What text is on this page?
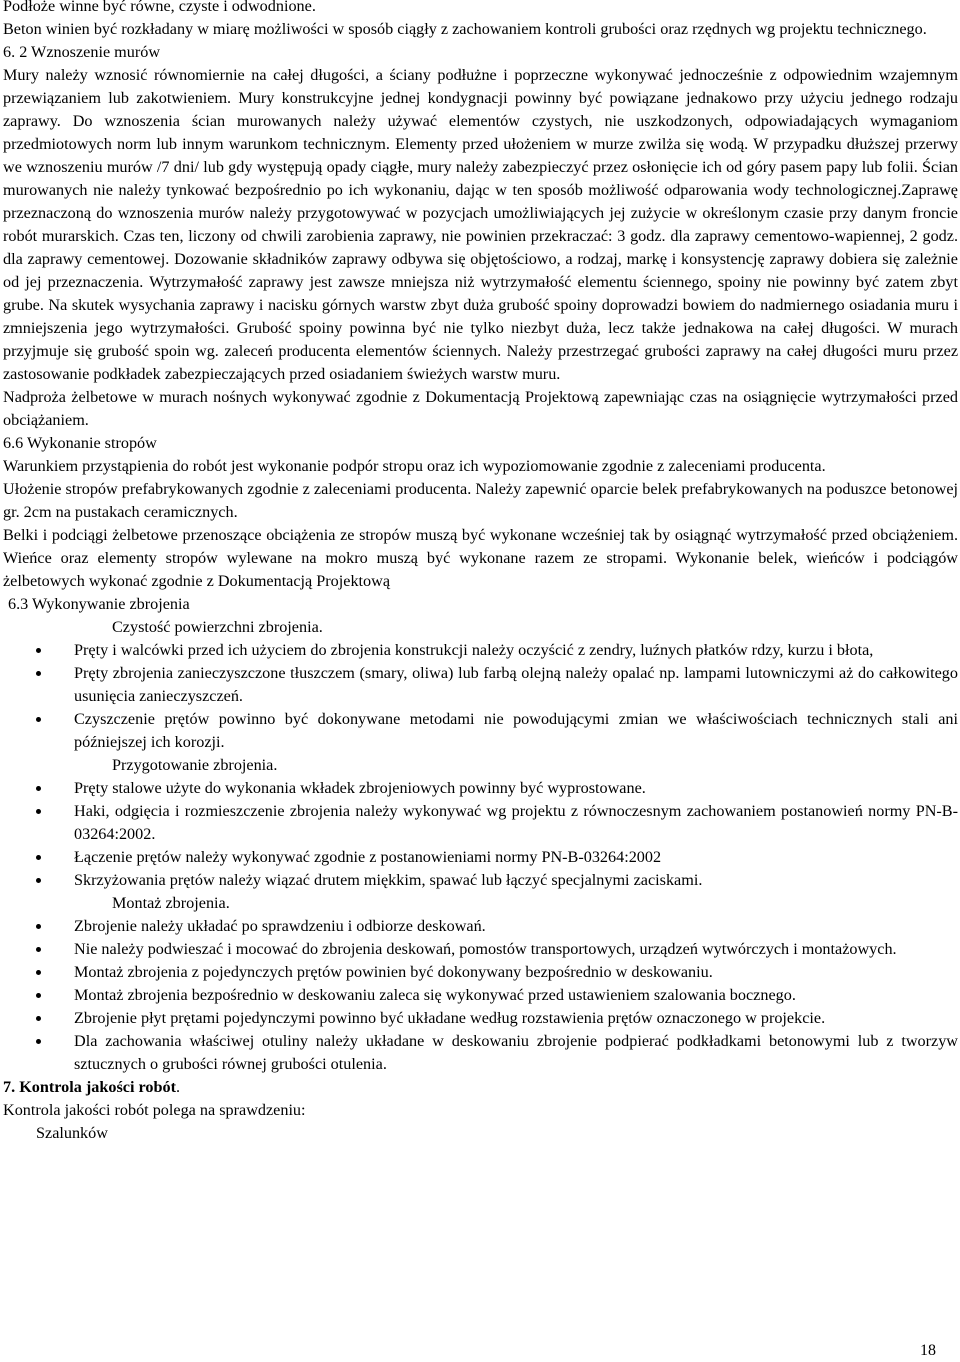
Podłoże winne być równe, czyste i odwodnione.

Beton winien być rozkładany w miarę możliwości w sposób ciągły z zachowaniem kontroli grubości oraz rzędnych wg projektu technicznego.

6. 2 Wznoszenie murów

Mury należy wznosić równomiernie na całej długości, a ściany podłużne i poprzeczne wykonywać jednocześnie z odpowiednim wzajemnym przewiązaniem lub zakotwieniem. Mury konstrukcyjne jednej kondygnacji powinny być powiązane jednakowo przy użyciu jednego rodzaju zaprawy. Do wznoszenia ścian murowanych należy używać elementów czystych, nie uszkodzonych, odpowiadających wymaganiom przedmiotowych norm lub innym warunkom technicznym. Elementy przed ułożeniem w murze zwilża się wodą. W przypadku dłuższej przerwy we wznoszeniu murów /7 dni/ lub gdy występują opady ciągłe, mury należy zabezpieczyć przez osłonięcie ich od góry pasem papy lub folii. Ścian murowanych nie należy tynkować bezpośrednio po ich wykonaniu, dając w ten sposób możliwość odparowania wody technologicznej.Zaprawę przeznaczoną do wznoszenia murów należy przygotowywać w pozycjach umożliwiających jej zużycie w określonym czasie przy danym froncie robót murarskich. Czas ten, liczony od chwili zarobienia zaprawy, nie powinien przekraczać: 3 godz. dla zaprawy cementowo-wapiennej, 2 godz. dla zaprawy cementowej. Dozowanie składników zaprawy odbywa się objętościowo, a rodzaj, markę i konsystencję zaprawy dobiera się zależnie od jej przeznaczenia. Wytrzymałość zaprawy jest zawsze mniejsza niż wytrzymałość elementu ściennego, spoiny nie powinny być zatem zbyt grube. Na skutek wysychania zaprawy i nacisku górnych warstw zbyt duża grubość spoiny doprowadzi bowiem do nadmiernego osiadania muru i zmniejszenia jego wytrzymałości. Grubość spoiny powinna być nie tylko niezbyt duża, lecz także jednakowa na całej długości. W murach przyjmuje się grubość spoin wg. zaleceń producenta elementów ściennych. Należy przestrzegać grubości zaprawy na całej długości muru przez zastosowanie podkładek zabezpieczających przed osiadaniem świeżych warstw muru.

Nadproża żelbetowe w murach nośnych wykonywać zgodnie z Dokumentacją Projektową zapewniając czas na osiągnięcie wytrzymałości przed obciążaniem.

6.6 Wykonanie stropów

Warunkiem przystąpienia do robót jest wykonanie podpór stropu oraz ich wypoziomowanie zgodnie z zaleceniami producenta.

Ułożenie stropów prefabrykowanych zgodnie z zaleceniami producenta. Należy zapewnić oparcie belek prefabrykowanych na poduszce betonowej gr. 2cm na pustakach ceramicznych.

Belki i podciągi żelbetowe przenoszące obciążenia ze stropów muszą być wykonane wcześniej tak by osiągnąć wytrzymałość przed obciążeniem. Wieńce oraz elementy stropów wylewane na mokro muszą być wykonane razem ze stropami. Wykonanie belek, wieńców i podciągów żelbetowych wykonać zgodnie z Dokumentacją Projektową

6.3 Wykonywanie zbrojenia

Czystość powierzchni zbrojenia.

Pręty i walcówki przed ich użyciem do zbrojenia konstrukcji należy oczyścić z zendry, luźnych płatków rdzy, kurzu i błota,
Pręty zbrojenia zanieczyszczone tłuszczem (smary, oliwa) lub farbą olejną należy opalać np. lampami lutowniczymi aż do całkowitego usunięcia zanieczyszczeń.
Czyszczenie prętów powinno być dokonywane metodami nie powodującymi zmian we właściwościach technicznych stali ani późniejszej ich korozji.

Przygotowanie zbrojenia.

Pręty stalowe użyte do wykonania wkładek zbrojeniowych powinny być wyprostowane.
Haki, odgięcia i rozmieszczenie zbrojenia należy wykonywać wg projektu z równoczesnym zachowaniem postanowień normy PN-B-03264:2002.
Łączenie prętów należy wykonywać zgodnie z postanowieniami normy PN-B-03264:2002
Skrzyżowania prętów należy wiązać drutem miękkim, spawać lub łączyć specjalnymi zaciskami.

Montaż zbrojenia.

Zbrojenie należy układać po sprawdzeniu i odbiorze deskowań.
Nie należy podwieszać i mocować do zbrojenia deskowań, pomostów transportowych, urządzeń wytwórczych i montażowych.
Montaż zbrojenia z pojedynczych prętów powinien być dokonywany bezpośrednio w deskowaniu.
Montaż zbrojenia bezpośrednio w deskowaniu zaleca się wykonywać przed ustawieniem szalowania bocznego.
Zbrojenie płyt prętami pojedynczymi powinno być układane według rozstawienia prętów oznaczonego w projekcie.
Dla zachowania właściwej otuliny należy układane w deskowaniu zbrojenie podpierać podkładkami betonowymi lub z tworzyw sztucznych o grubości równej grubości otulenia.

7. Kontrola jakości robót.

Kontrola jakości robót polega na sprawdzeniu:

Szalunków

18
